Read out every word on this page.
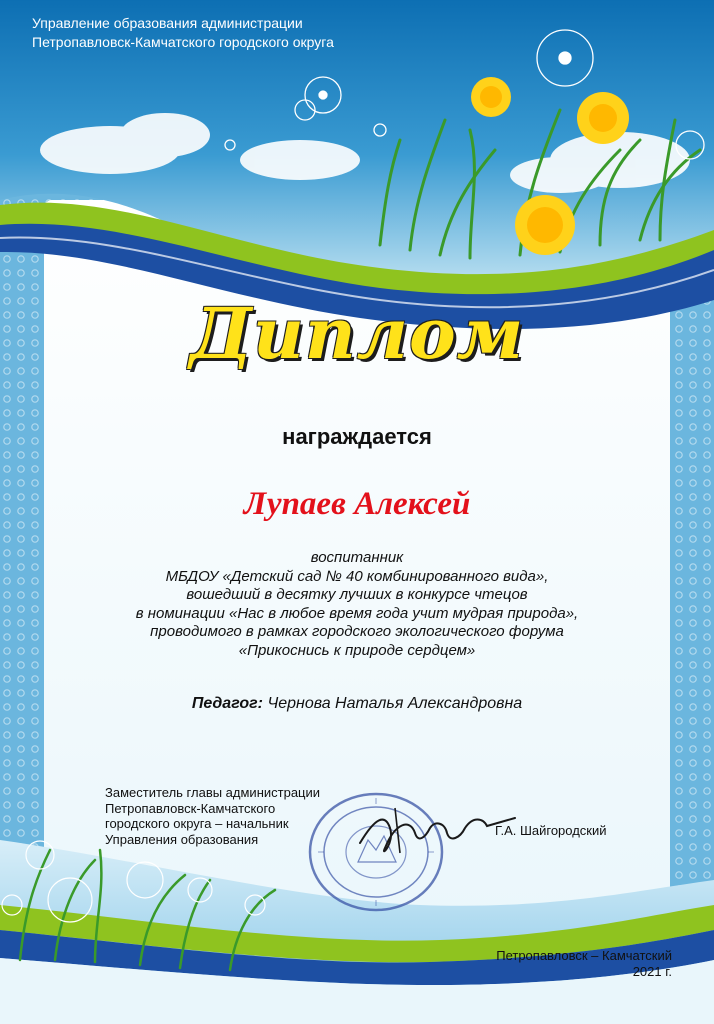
Управление образования администрации
Петропавловск-Камчатского городского округа
Диплом
награждается
Лупаев Алексей
воспитанник
МБДОУ «Детский сад № 40 комбинированного вида»,
вошедший в десятку лучших в конкурсе чтецов
в номинации «Нас в любое время года учит мудрая природа»,
проводимого в рамках городского экологического форума
«Прикоснись к природе сердцем»
Педагог: Чернова Наталья Александровна
Заместитель главы администрации
Петропавловск-Камчатского
городского округа – начальник
Управления образования
Г.А. Шайгородский
Петропавловск – Камчатский
2021 г.
